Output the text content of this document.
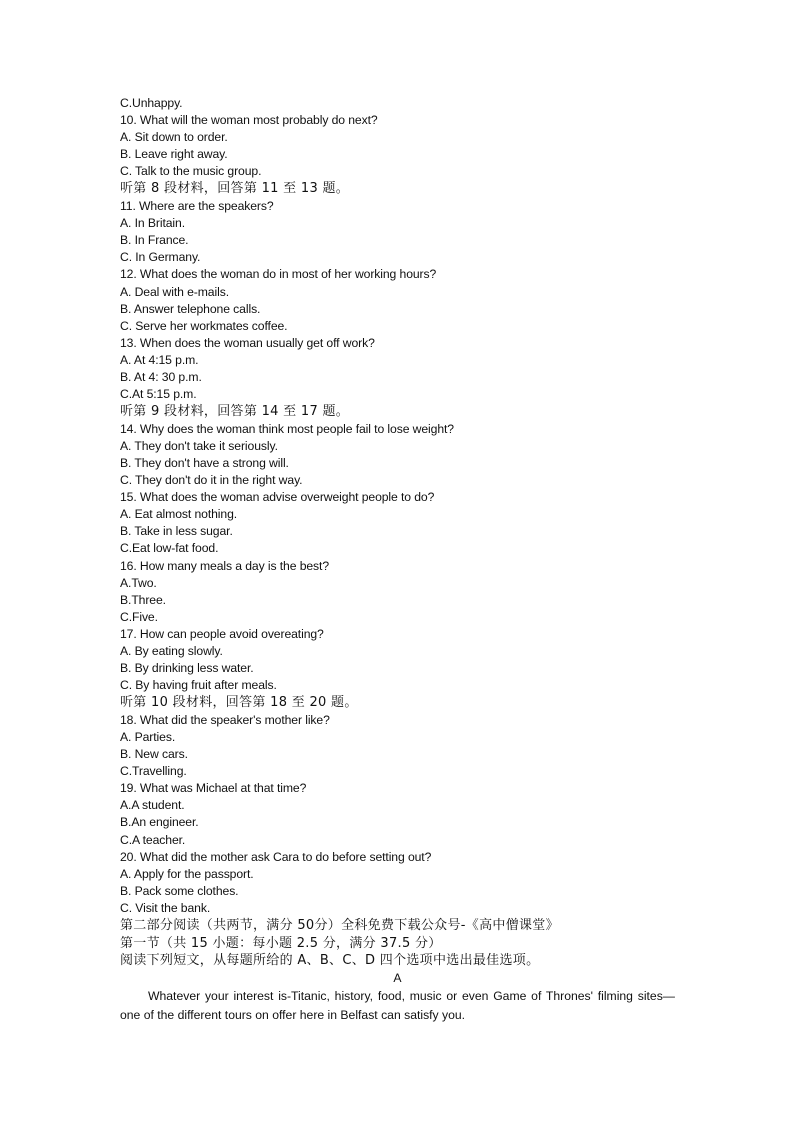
C.Unhappy.
10. What will the woman most probably do next?
A. Sit down to order.
B. Leave right away.
C. Talk to the music group.
听第 8 段材料，回答第 11 至 13 题。
11. Where are the speakers?
A. In Britain.
B. In France.
C. In Germany.
12. What does the woman do in most of her working hours?
A. Deal with e-mails.
B. Answer telephone calls.
C. Serve her workmates coffee.
13. When does the woman usually get off work?
A. At 4:15 p.m.
B. At 4: 30 p.m.
C.At 5:15 p.m.
听第 9 段材料，回答第 14 至 17 题。
14. Why does the woman think most people fail to lose weight?
A. They don't take it seriously.
B. They don't have a strong will.
C. They don't do it in the right way.
15. What does the woman advise overweight people to do?
A. Eat almost nothing.
B. Take in less sugar.
C.Eat low-fat food.
16. How many meals a day is the best?
A.Two.
B.Three.
C.Five.
17. How can people avoid overeating?
A. By eating slowly.
B. By drinking less water.
C. By having fruit after meals.
听第 10 段材料，回答第 18 至 20 题。
18. What did the speaker's mother like?
A. Parties.
B. New cars.
C.Travelling.
19. What was Michael at that time?
A.A student.
B.An engineer.
C.A teacher.
20. What did the mother ask Cara to do before setting out?
A. Apply for the passport.
B. Pack some clothes.
C. Visit the bank.
第二部分阅读（共两节，满分 50分）全科免费下载公众号-《高中僧课堂》
第一节（共 15 小题：每小题 2.5 分，满分 37.5 分）
阅读下列短文，从每题所给的 A、B、C、D 四个选项中选出最佳选项。
A
Whatever your interest is-Titanic, history, food, music or even Game of Thrones' filming sites—one of the different tours on offer here in Belfast can satisfy you.
